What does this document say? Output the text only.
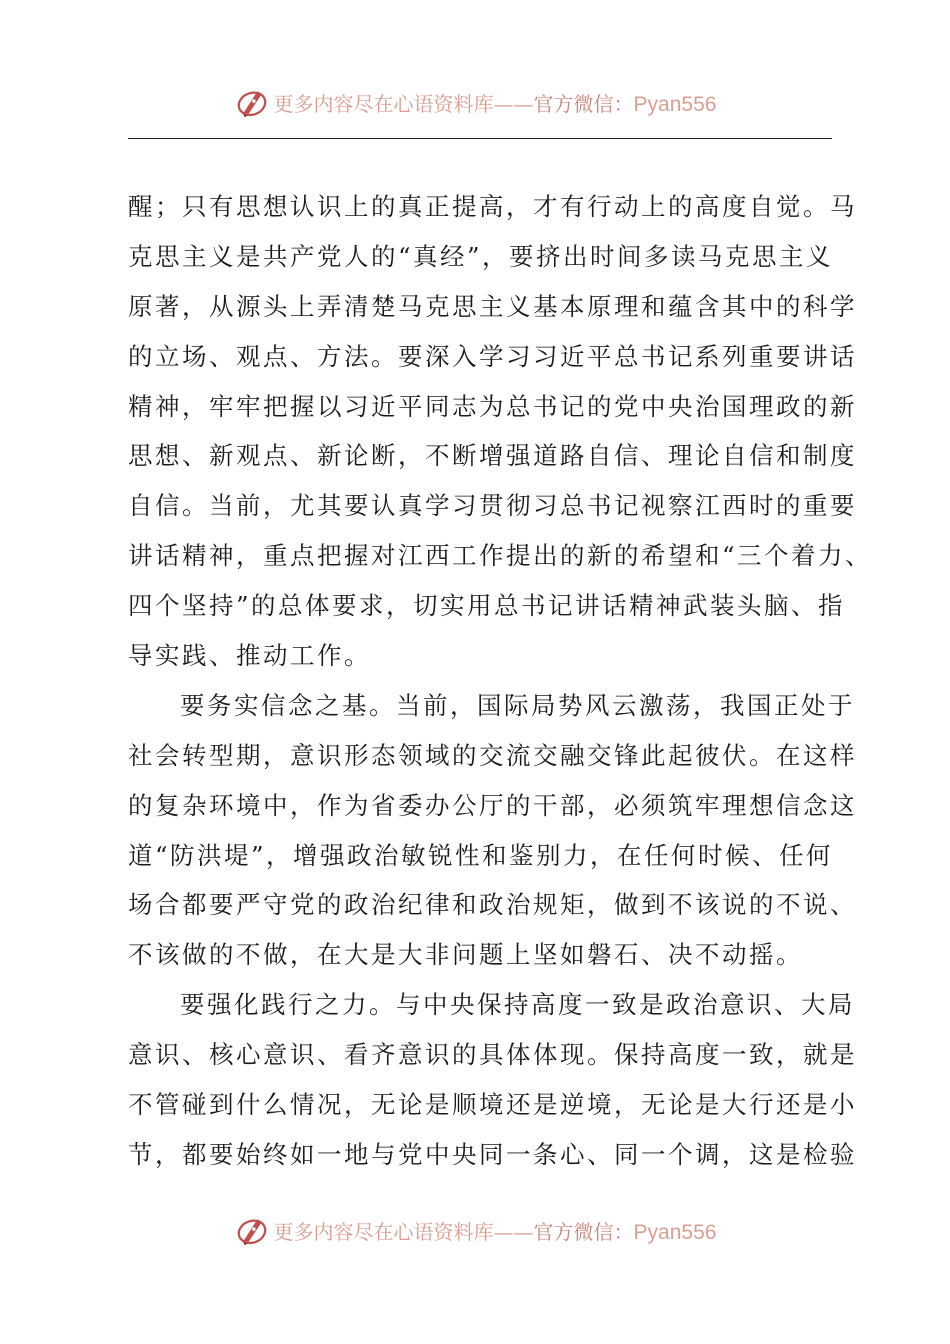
更多内容尽在心语资料库——官方微信：Pyan556
醒；只有思想认识上的真正提高，才有行动上的高度自觉。马
克思主义是共产党人的“真经”，要挤出时间多读马克思主义
原著，从源头上弄清楚马克思主义基本原理和蕴含其中的科学
的立场、观点、方法。要深入学习习近平总书记系列重要讲话
精神，牢牢把握以习近平同志为总书记的党中央治国理政的新
思想、新观点、新论断，不断增强道路自信、理论自信和制度
自信。当前，尤其要认真学习贯彻习总书记视察江西时的重要
讲话精神，重点把握对江西工作提出的新的希望和“三个着力、
四个坚持”的总体要求，切实用总书记讲话精神武装头脑、指
导实践、推动工作。
要务实信念之基。当前，国际局势风云激荡，我国正处于
社会转型期，意识形态领域的交流交融交锋此起彼伏。在这样
的复杂环境中，作为省委办公厅的干部，必须筑牢理想信念这
道“防洪堤”，增强政治敏锐性和鉴别力，在任何时候、任何
场合都要严守党的政治纪律和政治规矩，做到不该说的不说、
不该做的不做，在大是大非问题上坚如磐石、决不动摇。
要强化践行之力。与中央保持高度一致是政治意识、大局
意识、核心意识、看齐意识的具体体现。保持高度一致，就是
不管碰到什么情况，无论是顺境还是逆境，无论是大行还是小
节，都要始终如一地与党中央同一条心、同一个调，这是检验
更多内容尽在心语资料库——官方微信：Pyan556
